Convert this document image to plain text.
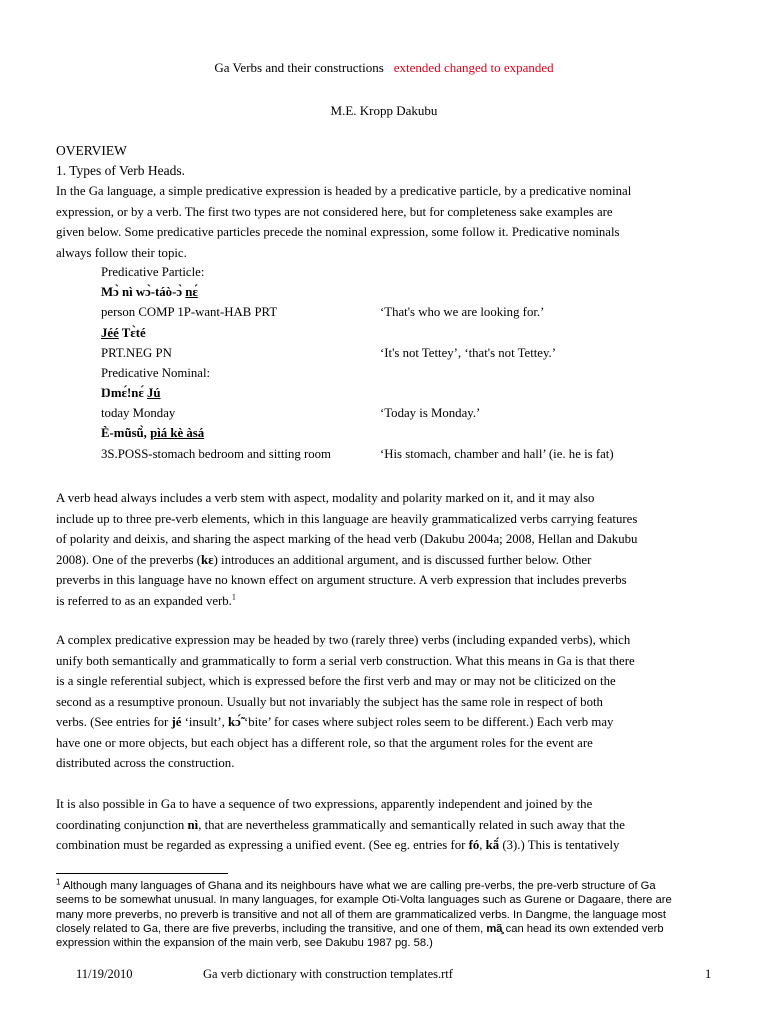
Ga Verbs and their constructions extended changed to expanded
M.E. Kropp Dakubu
OVERVIEW
1. Types of Verb Heads.
In the Ga language, a simple predicative expression is headed by a predicative particle, by a predicative nominal
expression, or by a verb. The first two types are not considered here, but for completeness sake examples are
given below. Some predicative particles precede the nominal expression, some follow it. Predicative nominals
always follow their topic.
Predicative Particle:
Mɔ̀ nì wɔ̀-táò-ɔ̀ nɛ́
person COMP 1P-want-HAB PRT	‘That's who we are looking for.’
Jéé Tɛ̀té
PRT.NEG PN	‘It's not Tettey’, ‘that's not Tettey.’
Predicative Nominal:
Ŋmɛ́!nɛ́ Jú
today Monday	‘Today is Monday.’
È-mũsũ̀, pìá kè àsá
3S.POSS-stomach bedroom and sitting room	‘His stomach, chamber and hall’ (ie. he is fat)
A verb head always includes a verb stem with aspect, modality and polarity marked on it, and it may also
include up to three pre-verb elements, which in this language are heavily grammaticalized verbs carrying features
of polarity and deixis, and sharing the aspect marking of the head verb (Dakubu 2004a; 2008, Hellan and Dakubu
2008). One of the preverbs (kɛ) introduces an additional argument, and is discussed further below. Other
preverbs in this language have no known effect on argument structure. A verb expression that includes preverbs
is referred to as an expanded verb.$^1$
A complex predicative expression may be headed by two (rarely three) verbs (including expanded verbs), which
unify both semantically and grammatically to form a serial verb construction. What this means in Ga is that there
is a single referential subject, which is expressed before the first verb and may or may not be cliticized on the
second as a resumptive pronoun. Usually but not invariably the subject has the same role in respect of both
verbs. (See entries for jé ‘insult’, kɔ̃́ ‘bite’ for cases where subject roles seem to be different.) Each verb may
have one or more objects, but each object has a different role, so that the argument roles for the event are
distributed across the construction.
It is also possible in Ga to have a sequence of two expressions, apparently independent and joined by the
coordinating conjunction nì, that are nevertheless grammatically and semantically related in such away that the
combination must be regarded as expressing a unified event. (See eg. entries for fó, kã́ (3).) This is tentatively
$^1$ Although many languages of Ghana and its neighbours have what we are calling pre-verbs, the pre-verb structure of Ga
seems to be somewhat unusual. In many languages, for example Oti-Volta languages such as Gurene or Dagaare, there are
many more preverbs, no preverb is transitive and not all of them are grammaticalized verbs. In Dangme, the language most
closely related to Ga, there are five preverbs, including the transitive, and one of them, mã̧ can head its own extended verb
expression within the expansion of the main verb, see Dakubu 1987 pg. 58.)
11/19/2010	Ga verb dictionary with construction templates.rtf	1
